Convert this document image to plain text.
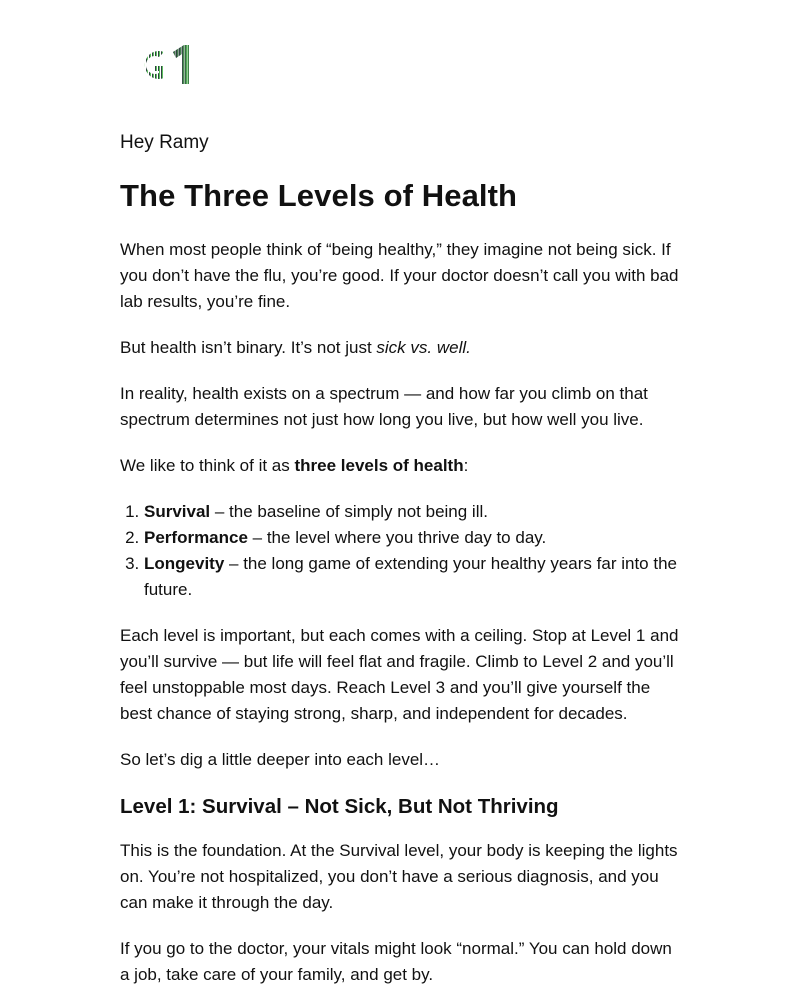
Hey Ramy

The Three Levels of Health

When most people think of “being healthy,” they imagine not being sick. If you don’t have the flu, you’re good. If your doctor doesn’t call you with bad lab results, you’re fine.

But health isn’t binary. It’s not just sick vs. well.

In reality, health exists on a spectrum — and how far you climb on that spectrum determines not just how long you live, but how well you live.

We like to think of it as three levels of health:

1. Survival – the baseline of simply not being ill.
2. Performance – the level where you thrive day to day.
3. Longevity – the long game of extending your healthy years far into the future.

Each level is important, but each comes with a ceiling. Stop at Level 1 and you’ll survive — but life will feel flat and fragile. Climb to Level 2 and you’ll feel unstoppable most days. Reach Level 3 and you’ll give yourself the best chance of staying strong, sharp, and independent for decades.

So let’s dig a little deeper into each level…

Level 1: Survival – Not Sick, But Not Thriving

This is the foundation. At the Survival level, your body is keeping the lights on. You’re not hospitalized, you don’t have a serious diagnosis, and you can make it through the day.

If you go to the doctor, your vitals might look “normal.” You can hold down a job, take care of your family, and get by.
